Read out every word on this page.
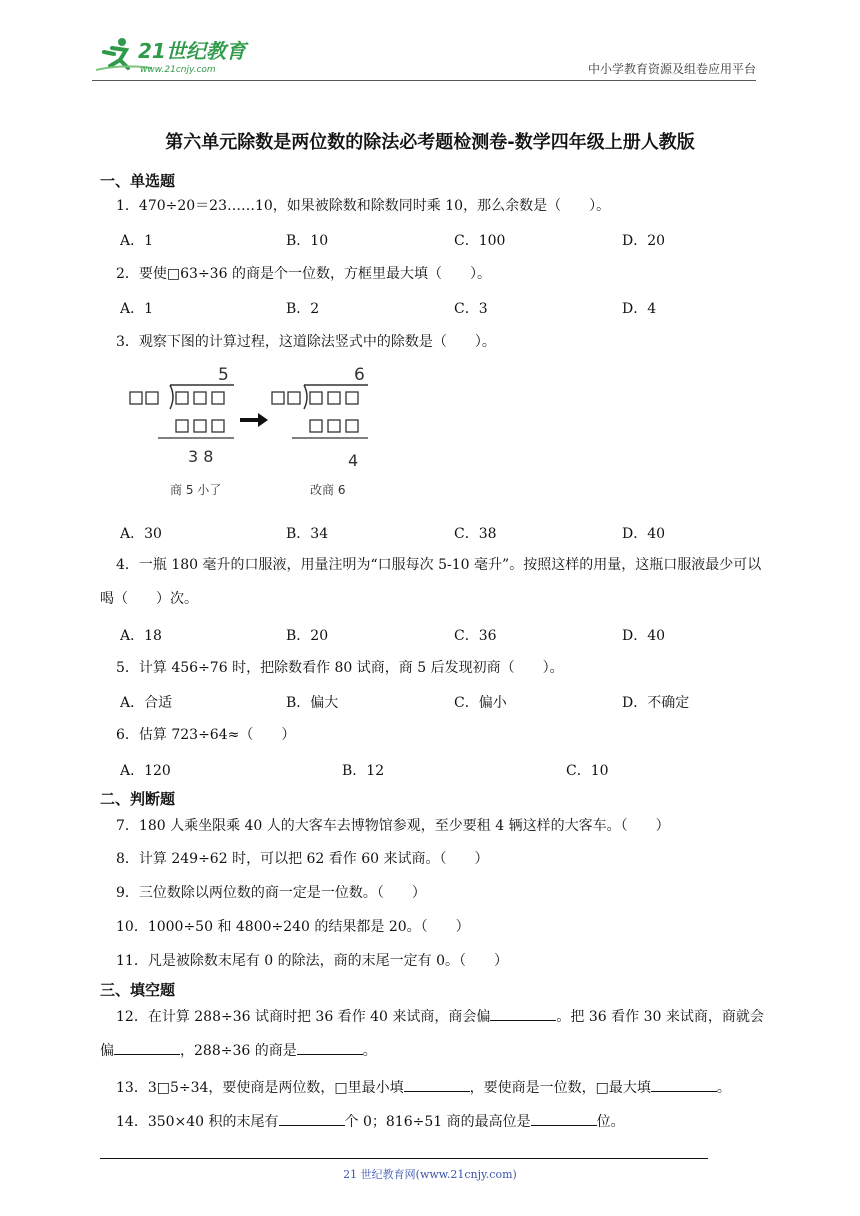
21世纪教育
www.21cnjy.com	中小学教育资源及组卷应用平台
第六单元除数是两位数的除法必考题检测卷-数学四年级上册人教版
一、单选题
1．470÷20＝23……10，如果被除数和除数同时乘 10，那么余数是（　　）。
A．1	B．10	C．100	D．20
2．要使□63÷36 的商是个一位数，方框里最大填（　　）。
A．1	B．2	C．3	D．4
3．观察下图的计算过程，这道除法竖式中的除数是（　　）。
5
3 8
商 5 小了
6
4
改商 6
A．30	B．34	C．38	D．40
4．一瓶 180 毫升的口服液，用量注明为“口服每次 5-10 毫升”。按照这样的用量，这瓶口服液最少可以喝（　　）次。
A．18	B．20	C．36	D．40
5．计算 456÷76 时，把除数看作 80 试商，商 5 后发现初商（　　）。
A．合适	B．偏大	C．偏小	D．不确定
6．估算 723÷64≈（　　）
A．120	B．12	C．10
二、判断题
7．180 人乘坐限乘 40 人的大客车去博物馆参观，至少要租 4 辆这样的大客车。（　　）
8．计算 249÷62 时，可以把 62 看作 60 来试商。（　　）
9．三位数除以两位数的商一定是一位数。（　　）
10．1000÷50 和 4800÷240 的结果都是 20。（　　）
11．凡是被除数末尾有 0 的除法，商的末尾一定有 0。（　　）
三、填空题
12．在计算 288÷36 试商时把 36 看作 40 来试商，商会偏	。把 36 看作 30 来试商，商就会偏	，288÷36 的商是	。
13．3□5÷34，要使商是两位数，□里最小填	，要使商是一位数，□最大填	。
14．350×40 积的末尾有	个 0；816÷51 商的最高位是	位。
21 世纪教育网(www.21cnjy.com)
